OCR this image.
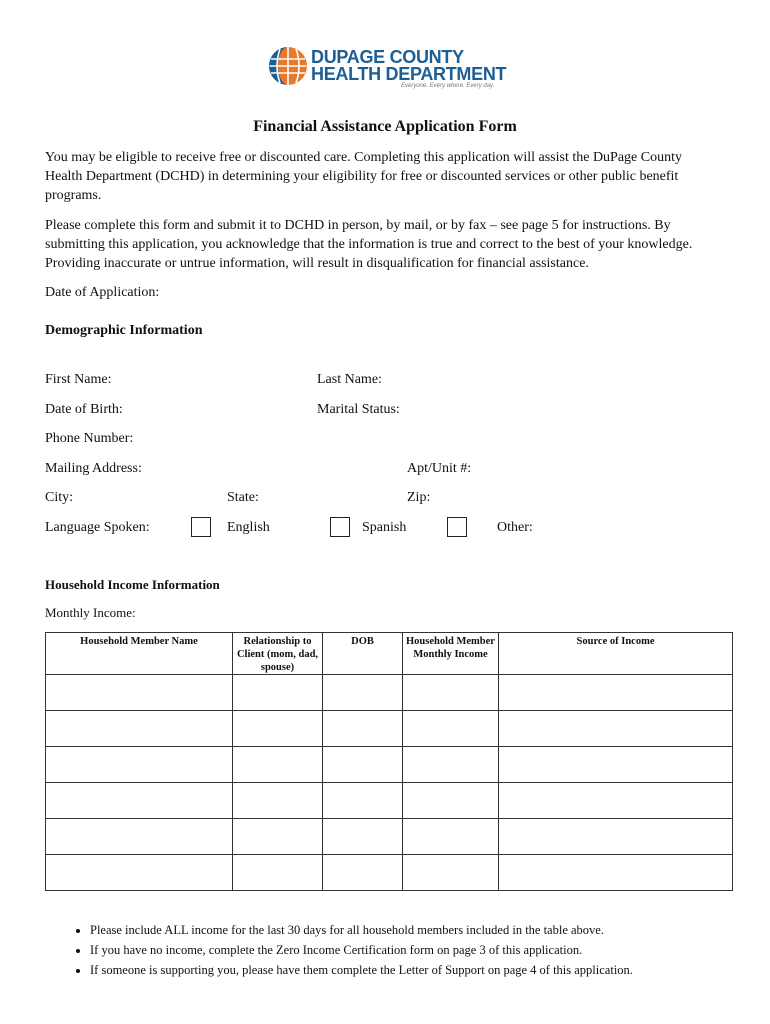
DUPAGE COUNTY
HEALTH DEPARTMENT
Everyone. Every where. Every day.
Financial Assistance Application Form
You may be eligible to receive free or discounted care. Completing this application will assist the DuPage County Health Department (DCHD) in determining your eligibility for free or discounted services or other public benefit programs.
Please complete this form and submit it to DCHD in person, by mail, or by fax – see page 5 for instructions. By submitting this application, you acknowledge that the information is true and correct to the best of your knowledge. Providing inaccurate or untrue information, will result in disqualification for financial assistance.
Date of Application:
Demographic Information
First Name:	Last Name:
Date of Birth:	Marital Status:
Phone Number:
Mailing Address:	Apt/Unit #:
City:	State:	Zip:
Language Spoken:	English	Spanish	Other:
Household Income Information
Monthly Income:
Household Member Name	Relationship to Client (mom, dad, spouse)	DOB	Household Member Monthly Income	Source of Income

• Please include ALL income for the last 30 days for all household members included in the table above.
• If you have no income, complete the Zero Income Certification form on page 3 of this application.
• If someone is supporting you, please have them complete the Letter of Support on page 4 of this application.
